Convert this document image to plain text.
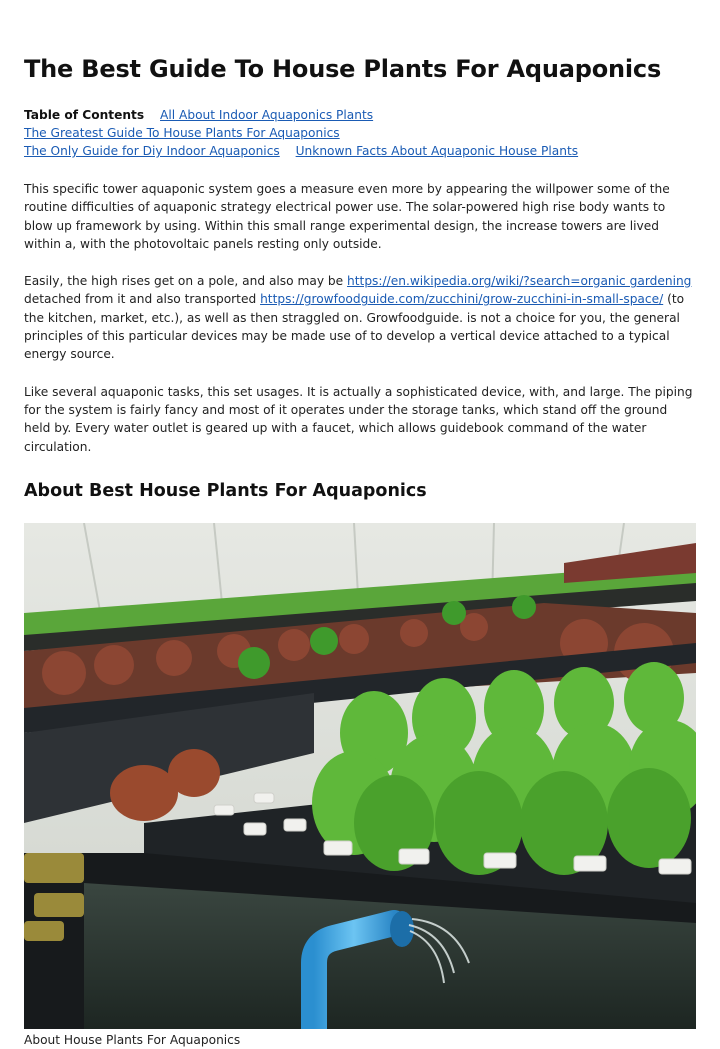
The Best Guide To House Plants For Aquaponics
Table of Contents All About Indoor Aquaponics Plants The Greatest Guide To House Plants For Aquaponics
The Only Guide for Diy Indoor Aquaponics Unknown Facts About Aquaponic House Plants

This specific tower aquaponic system goes a measure even more by appearing the willpower some of the routine difficulties of aquaponic strategy electrical power use. The solar-powered high rise body wants to blow up framework by using. Within this small range experimental design, the increase towers are lived within a, with the photovoltaic panels resting only outside.

Easily, the high rises get on a pole, and also may be https://en.wikipedia.org/wiki/?search=organic gardening detached from it and also transported https://growfoodguide.com/zucchini/grow-zucchini-in-small-space/ (to the kitchen, market, etc.), as well as then straggled on. Growfoodguide. is not a choice for you, the general principles of this particular devices may be made use of to develop a vertical device attached to a typical energy source.

Like several aquaponic tasks, this set usages. It is actually a sophisticated device, with, and large. The piping for the system is fairly fancy and most of it operates under the storage tanks, which stand off the ground held by. Every water outlet is geared up with a faucet, which allows guidebook command of the water circulation.

About Best House Plants For Aquaponics
About House Plants For Aquaponics
